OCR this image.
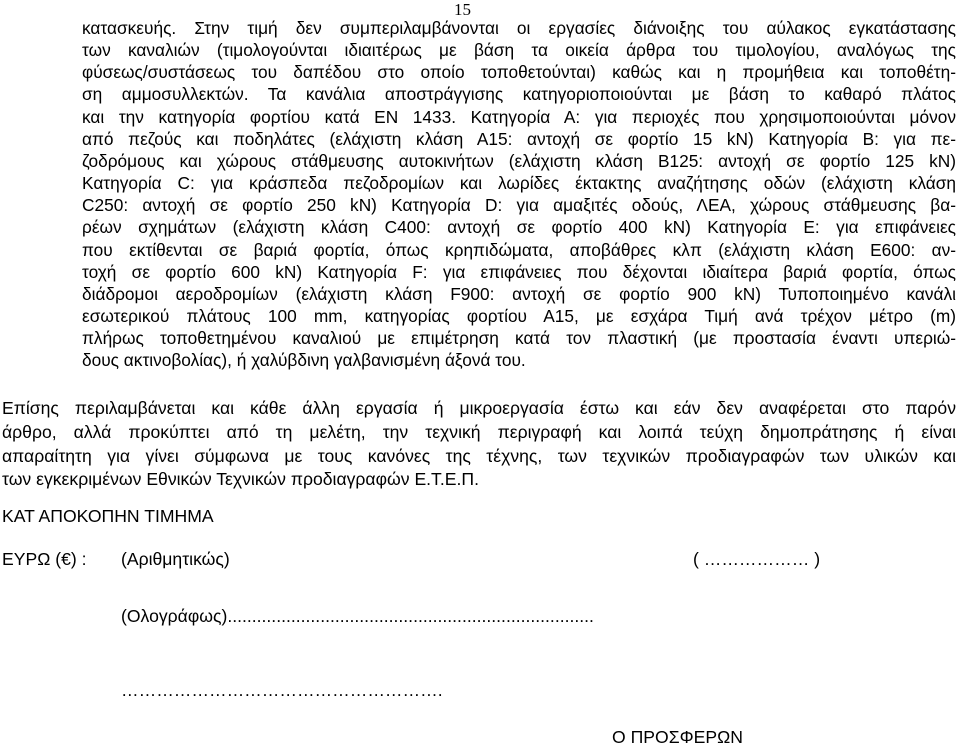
15
κατασκευής. Στην τιμή δεν συμπεριλαμβάνονται οι εργασίες διάνοιξης του αύλακος εγκατάστασης
των καναλιών (τιμολογούνται ιδιαιτέρως με βάση τα οικεία άρθρα του τιμολογίου, αναλόγως της
φύσεως/συστάσεως του δαπέδου στο οποίο τοποθετούνται) καθώς και η προμήθεια και τοποθέτη-
ση αμμοσυλλεκτών. Τα κανάλια αποστράγγισης κατηγοριοποιούνται με βάση το καθαρό πλάτος
και την κατηγορία φορτίου κατά ΕΝ 1433. Κατηγορία Α: για περιοχές που χρησιμοποιούνται μόνον
από πεζούς και ποδηλάτες (ελάχιστη κλάση Α15: αντοχή σε φορτίο 15 kN) Κατηγορία Β: για πε-
ζοδρόμους και χώρους στάθμευσης αυτοκινήτων (ελάχιστη κλάση Β125: αντοχή σε φορτίο 125 kN)
Κατηγορία C: για κράσπεδα πεζοδρομίων και λωρίδες έκτακτης αναζήτησης οδών (ελάχιστη κλάση
C250: αντοχή σε φορτίο 250 kN) Κατηγορία D: για αμαξιτές οδούς, ΛΕΑ, χώρους στάθμευσης βα-
ρέων σχημάτων (ελάχιστη κλάση C400: αντοχή σε φορτίο 400 kN) Κατηγορία Ε: για επιφάνειες
που εκτίθενται σε βαριά φορτία, όπως κρηπιδώματα, αποβάθρες κλπ (ελάχιστη κλάση Ε600: αν-
τοχή σε φορτίο 600 kN) Κατηγορία F: για επιφάνειες που δέχονται ιδιαίτερα βαριά φορτία, όπως
διάδρομοι αεροδρομίων (ελάχιστη κλάση F900: αντοχή σε φορτίο 900 kN) Τυποποιημένο κανάλι
εσωτερικού πλάτους 100 mm, κατηγορίας φορτίου Α15, με εσχάρα Τιμή ανά τρέχον μέτρο (m)
πλήρως τοποθετημένου καναλιού με επιμέτρηση κατά τον πλαστική (με προστασία έναντι υπεριώ-
δους ακτινοβολίας), ή χαλύβδινη γαλβανισμένη άξονά του.
Επίσης περιλαμβάνεται και κάθε άλλη εργασία ή μικροεργασία έστω και εάν δεν αναφέρεται στο παρόν
άρθρο, αλλά προκύπτει από τη μελέτη, την τεχνική περιγραφή και λοιπά τεύχη δημοπράτησης ή είναι
απαραίτητη για γίνει σύμφωνα με τους κανόνες της τέχνης, των τεχνικών προδιαγραφών των υλικών και
των εγκεκριμένων Εθνικών Τεχνικών προδιαγραφών Ε.Τ.Ε.Π.
ΚΑΤ ΑΠΟΚΟΠΗΝ ΤΙΜΗΜΑ
ΕΥΡΩ (€) : (Αριθμητικώς)	( ……………… )
(Ολογράφως)...........................................................................
……………………………………………….
Ο ΠΡΟΣΦΕΡΩΝ
